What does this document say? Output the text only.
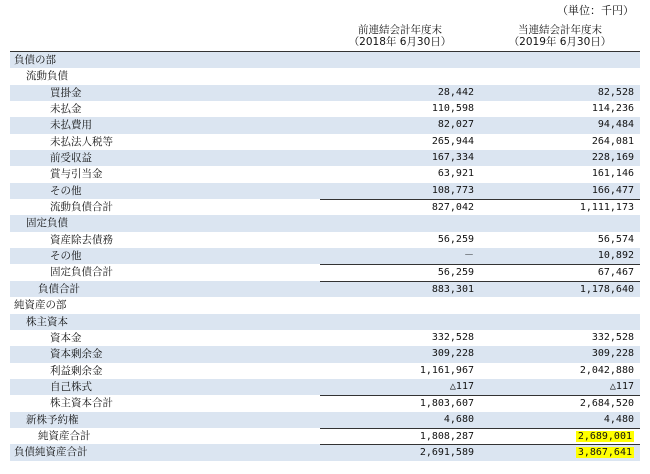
（単位：千円）
前連結会計年度末
（2018年 6月30日）
当連結会計年度末
（2019年 6月30日）
負債の部
流動負債
買掛金	28,442	82,528
未払金	110,598	114,236
未払費用	82,027	94,484
未払法人税等	265,944	264,081
前受収益	167,334	228,169
賞与引当金	63,921	161,146
その他	108,773	166,477
流動負債合計	827,042	1,111,173
固定負債
資産除去債務	56,259	56,574
その他	－	10,892
固定負債合計	56,259	67,467
負債合計	883,301	1,178,640
純資産の部
株主資本
資本金	332,528	332,528
資本剰余金	309,228	309,228
利益剰余金	1,161,967	2,042,880
自己株式	△117	△117
株主資本合計	1,803,607	2,684,520
新株予約権	4,680	4,480
純資産合計	1,808,287	2,689,001
負債純資産合計	2,691,589	3,867,641
